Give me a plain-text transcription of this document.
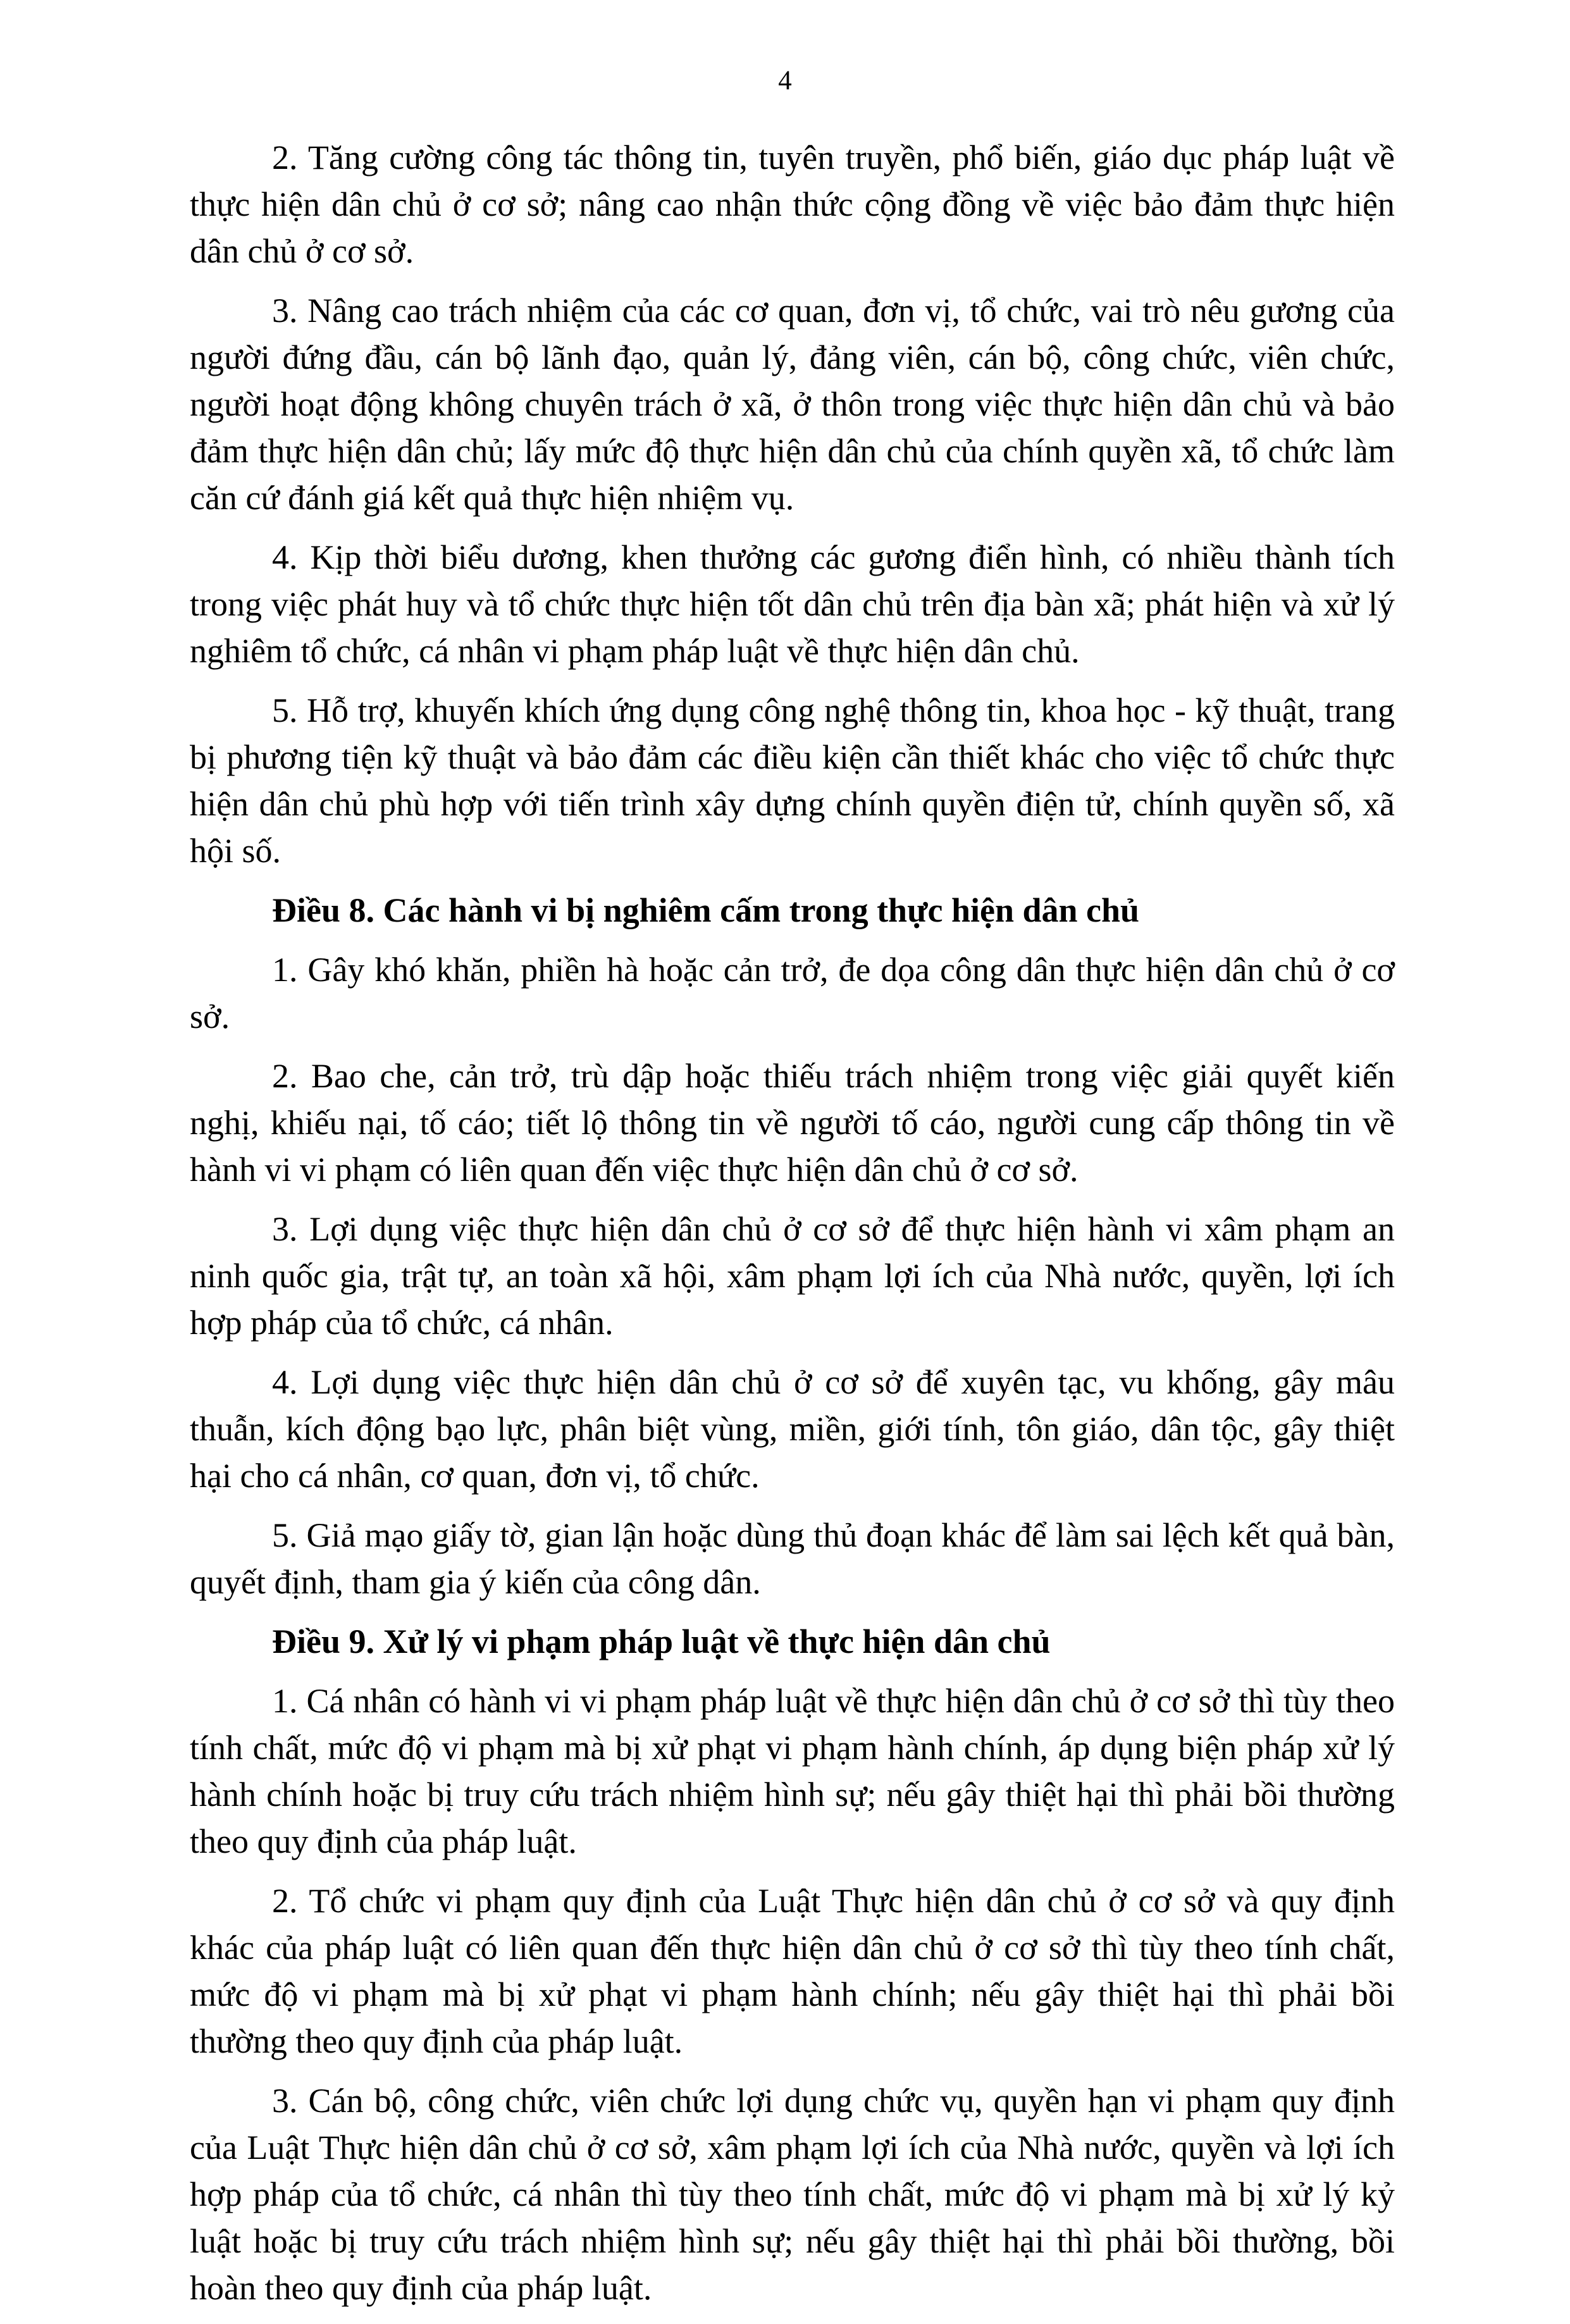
4

2. Tăng cường công tác thông tin, tuyên truyền, phổ biến, giáo dục pháp luật về thực hiện dân chủ ở cơ sở; nâng cao nhận thức cộng đồng về việc bảo đảm thực hiện dân chủ ở cơ sở.

3. Nâng cao trách nhiệm của các cơ quan, đơn vị, tổ chức, vai trò nêu gương của người đứng đầu, cán bộ lãnh đạo, quản lý, đảng viên, cán bộ, công chức, viên chức, người hoạt động không chuyên trách ở xã, ở thôn trong việc thực hiện dân chủ và bảo đảm thực hiện dân chủ; lấy mức độ thực hiện dân chủ của chính quyền xã, tổ chức làm căn cứ đánh giá kết quả thực hiện nhiệm vụ.

4. Kịp thời biểu dương, khen thưởng các gương điển hình, có nhiều thành tích trong việc phát huy và tổ chức thực hiện tốt dân chủ trên địa bàn xã; phát hiện và xử lý nghiêm tổ chức, cá nhân vi phạm pháp luật về thực hiện dân chủ.

5. Hỗ trợ, khuyến khích ứng dụng công nghệ thông tin, khoa học - kỹ thuật, trang bị phương tiện kỹ thuật và bảo đảm các điều kiện cần thiết khác cho việc tổ chức thực hiện dân chủ phù hợp với tiến trình xây dựng chính quyền điện tử, chính quyền số, xã hội số.

Điều 8. Các hành vi bị nghiêm cấm trong thực hiện dân chủ

1. Gây khó khăn, phiền hà hoặc cản trở, đe dọa công dân thực hiện dân chủ ở cơ sở.

2. Bao che, cản trở, trù dập hoặc thiếu trách nhiệm trong việc giải quyết kiến nghị, khiếu nại, tố cáo; tiết lộ thông tin về người tố cáo, người cung cấp thông tin về hành vi vi phạm có liên quan đến việc thực hiện dân chủ ở cơ sở.

3. Lợi dụng việc thực hiện dân chủ ở cơ sở để thực hiện hành vi xâm phạm an ninh quốc gia, trật tự, an toàn xã hội, xâm phạm lợi ích của Nhà nước, quyền, lợi ích hợp pháp của tổ chức, cá nhân.

4. Lợi dụng việc thực hiện dân chủ ở cơ sở để xuyên tạc, vu khống, gây mâu thuẫn, kích động bạo lực, phân biệt vùng, miền, giới tính, tôn giáo, dân tộc, gây thiệt hại cho cá nhân, cơ quan, đơn vị, tổ chức.

5. Giả mạo giấy tờ, gian lận hoặc dùng thủ đoạn khác để làm sai lệch kết quả bàn, quyết định, tham gia ý kiến của công dân.

Điều 9. Xử lý vi phạm pháp luật về thực hiện dân chủ

1. Cá nhân có hành vi vi phạm pháp luật về thực hiện dân chủ ở cơ sở thì tùy theo tính chất, mức độ vi phạm mà bị xử phạt vi phạm hành chính, áp dụng biện pháp xử lý hành chính hoặc bị truy cứu trách nhiệm hình sự; nếu gây thiệt hại thì phải bồi thường theo quy định của pháp luật.

2. Tổ chức vi phạm quy định của Luật Thực hiện dân chủ ở cơ sở và quy định khác của pháp luật có liên quan đến thực hiện dân chủ ở cơ sở thì tùy theo tính chất, mức độ vi phạm mà bị xử phạt vi phạm hành chính; nếu gây thiệt hại thì phải bồi thường theo quy định của pháp luật.

3. Cán bộ, công chức, viên chức lợi dụng chức vụ, quyền hạn vi phạm quy định của Luật Thực hiện dân chủ ở cơ sở, xâm phạm lợi ích của Nhà nước, quyền và lợi ích hợp pháp của tổ chức, cá nhân thì tùy theo tính chất, mức độ vi phạm mà bị xử lý kỷ luật hoặc bị truy cứu trách nhiệm hình sự; nếu gây thiệt hại thì phải bồi thường, bồi hoàn theo quy định của pháp luật.
